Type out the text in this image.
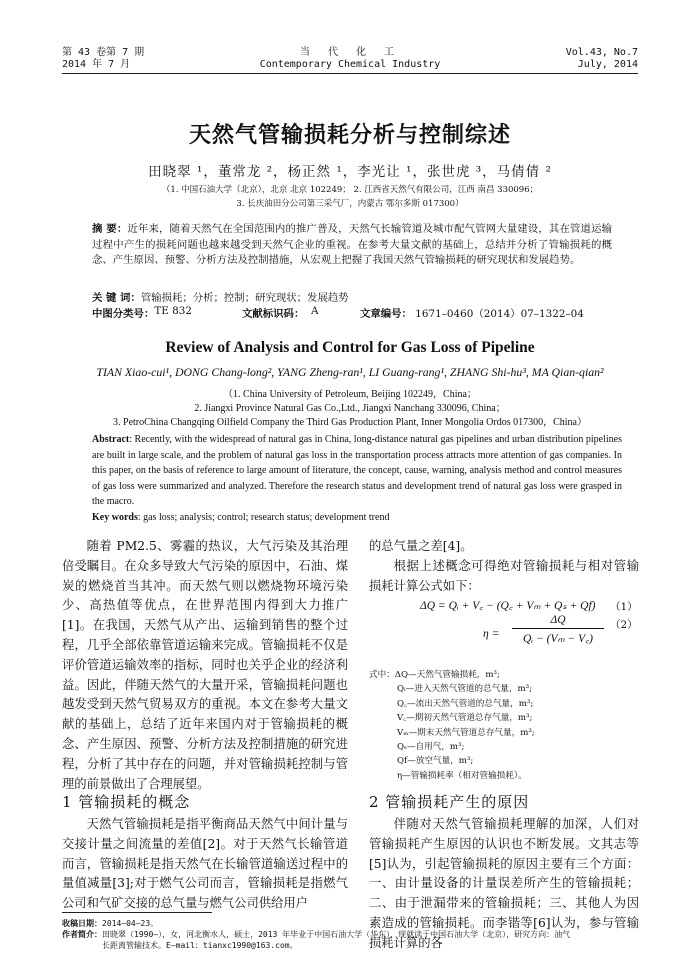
第 43 卷第 7 期
2014 年 7 月
当 代 化 工
Contemporary Chemical Industry
Vol.43, No.7
July, 2014
天然气管输损耗分析与控制综述
田晓翠 ¹，董常龙 ²，杨正然 ¹，李光让 ¹，张世虎 ³，马倩倩 ²
（1. 中国石油大学（北京），北京 北京 102249； 2. 江西省天然气有限公司，江西 南昌 330096；
3. 长庆油田分公司第三采气厂，内蒙古 鄂尔多斯 017300）
摘 要：近年来，随着天然气在全国范围内的推广普及，天然气长输管道及城市配气管网大量建设，其在管道运输过程中产生的损耗问题也越来越受到天然气企业的重视。在参考大量文献的基础上，总结并分析了管输损耗的概念、产生原因、预警、分析方法及控制措施，从宏观上把握了我国天然气管输损耗的研究现状和发展趋势。
关 键 词：管输损耗；分析；控制；研究现状；发展趋势
中图分类号： TE 832	文献标识码： A	文章编号： 1671–0460（2014）07–1322–04
Review of Analysis and Control for Gas Loss of Pipeline
TIAN Xiao-cui¹, DONG Chang-long², YANG Zheng-ran¹, LI Guang-rang¹, ZHANG Shi-hu³, MA Qian-qian²
（1. China University of Petroleum, Beijing 102249，China；
2. Jiangxi Province Natural Gas Co.,Ltd., Jiangxi Nanchang 330096, China；
3. PetroChina Changqing Oilfield Company the Third Gas Production Plant, Inner Mongolia Ordos 017300，China）
Abstract: Recently, with the widespread of natural gas in China, long-distance natural gas pipelines and urban distribution pipelines are built in large scale, and the problem of natural gas loss in the transportation process attracts more attention of gas companies. In this paper, on the basis of reference to large amount of literature, the concept, cause, warning, analysis method and control measures of gas loss were summarized and analyzed. Therefore the research status and development trend of natural gas loss were grasped in the macro.
Key words: gas loss; analysis; control; research status; development trend
随着 PM2.5、雾霾的热议，大气污染及其治理倍受瞩目。在众多导致大气污染的原因中，石油、煤炭的燃烧首当其冲。而天然气则以燃烧物环境污染少、高热值等优点，在世界范围内得到大力推广[1]。在我国，天然气从产出、运输到销售的整个过程，几乎全部依靠管道运输来完成。管输损耗不仅是评价管道运输效率的指标，同时也关乎企业的经济利益。因此，伴随天然气的大量开采，管输损耗问题也越发受到天然气贸易双方的重视。本文在参考大量文献的基础上，总结了近年来国内对于管输损耗的概念、产生原因、预警、分析方法及控制措施的研究进程，分析了其中存在的问题，并对管输损耗控制与管理的前景做出了合理展望。
1 管输损耗的概念
天然气管输损耗是指平衡商品天然气中间计量与交接计量之间流量的差值[2]。对于天然气长输管道而言，管输损耗是指天然气在长输管道输送过程中的量值减量[3];对于燃气公司而言，管输损耗是指燃气公司和气矿交接的总气量与燃气公司供给用户
的总气量之差[4]。
根据上述概念可得绝对管输损耗与相对管输损耗计算公式如下：
ΔQ = Qᵢ + V꜀ − (Q꜀ + Vₘ + Qₛ + Qf) （1）
η =
ΔQ
Qᵢ − (Vₘ − V꜀)
（2）
式中：ΔQ—天然气管输损耗，m³;
Qᵢ—进入天然气管道的总气量，m³;
Q꜀—流出天然气管道的总气量，m³;
V꜀—期初天然气管道总存气量，m³;
Vₘ—期末天然气管道总存气量，m³;
Qₛ—自用气，m³;
Qf—放空气量，m³;
η—管输损耗率（相对管输损耗）。
2 管输损耗产生的原因
伴随对天然气管输损耗理解的加深，人们对管输损耗产生原因的认识也不断发展。文其志等[5]认为，引起管输损耗的原因主要有三个方面：一、由计量设备的计量误差所产生的管输损耗；二、由于泄漏带来的管输损耗；三、其他人为因素造成的管输损耗。而李锴等[6]认为，参与管输损耗计算的各
收稿日期：2014–04–23。
作者简介：田晓翠（1990–），女，河北衡水人，硕士，2013 年毕业于中国石油大学（华东），现就读于中国石油大学（北京），研究方向：油气
长距离管输技术。E–mail：tianxc1990@163.com。
